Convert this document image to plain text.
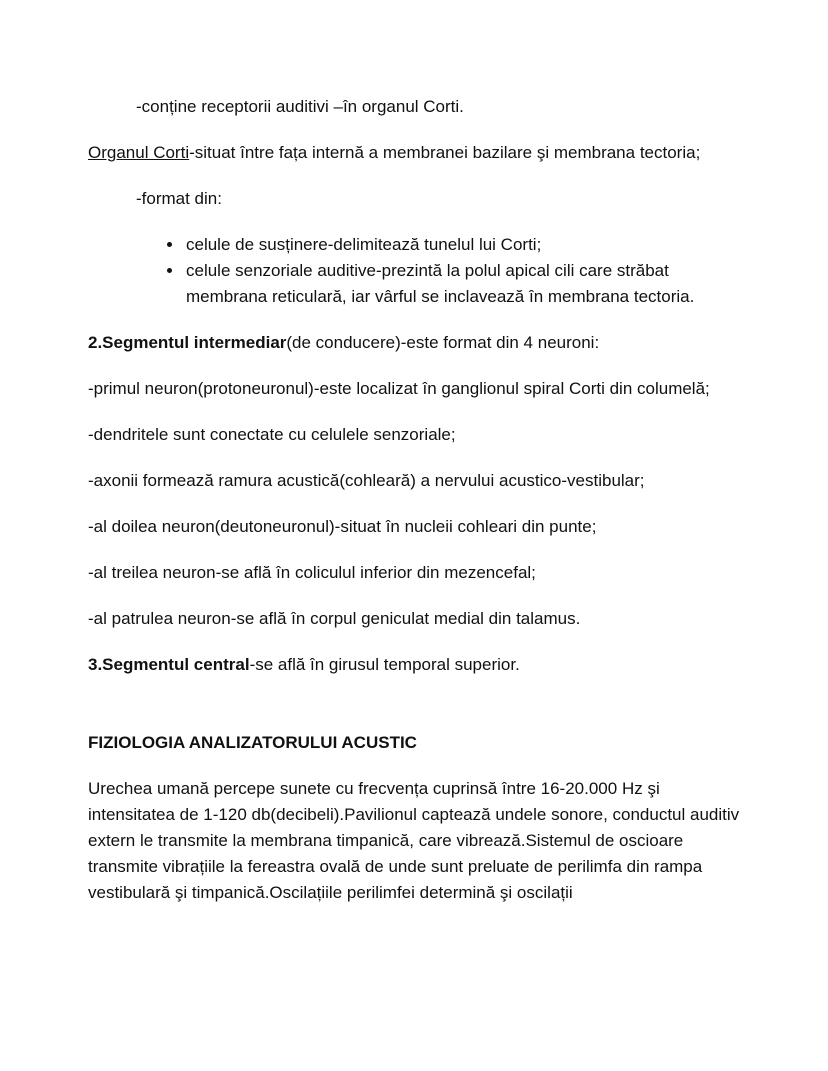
-conține receptorii auditivi –în organul Corti.

Organul Corti-situat între fața internă a membranei bazilare şi membrana tectoria;

-format din:

• celule de susținere-delimitează tunelul lui Corti;
• celule senzoriale auditive-prezintă la polul apical cili care străbat membrana reticulară, iar vârful se inclavează în membrana tectoria.

2.Segmentul intermediar(de conducere)-este format din 4 neuroni:

-primul neuron(protoneuronul)-este localizat în ganglionul spiral Corti din columelă;

-dendritele sunt conectate cu celulele senzoriale;

-axonii formează ramura acustică(cohleară) a nervului acustico-vestibular;

-al doilea neuron(deutoneuronul)-situat în nucleii cohleari din punte;

-al treilea neuron-se află în coliculul inferior din mezencefal;

-al patrulea neuron-se află în corpul geniculat medial din talamus.

3.Segmentul central-se află în girusul temporal superior.

FIZIOLOGIA ANALIZATORULUI ACUSTIC

Urechea umană percepe sunete cu frecvența cuprinsă între 16-20.000 Hz şi intensitatea de 1-120 db(decibeli).Pavilionul captează undele sonore, conductul auditiv extern le transmite la membrana timpanică, care vibrează.Sistemul de oscioare transmite vibrațiile la fereastra ovală de unde sunt preluate de perilimfa din rampa vestibulară şi timpanică.Oscilațiile perilimfei determină şi oscilații
